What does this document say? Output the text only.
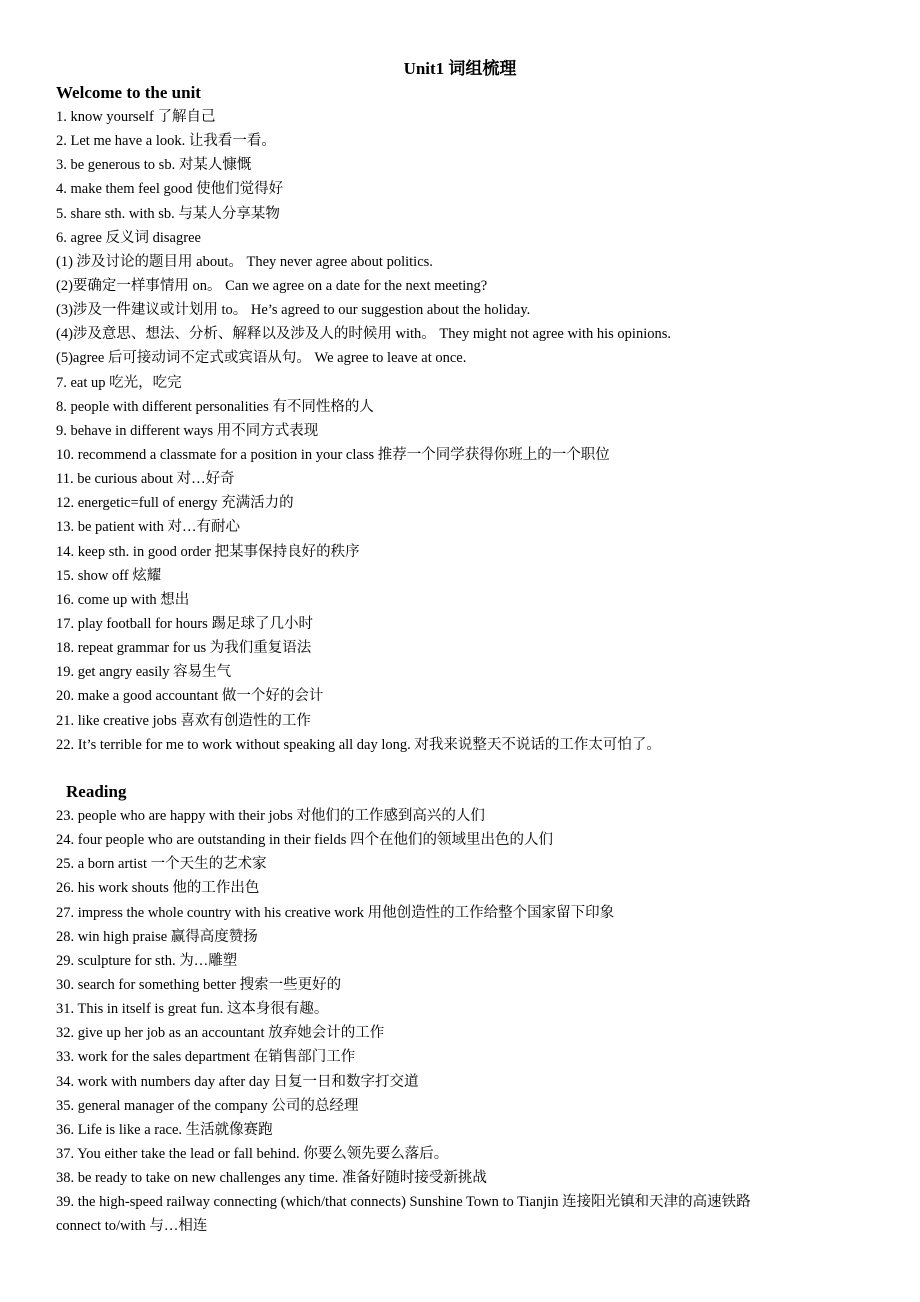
Unit1 词组梳理
Welcome to the unit
1. know yourself 了解自己
2. Let me have a look. 让我看一看。
3. be generous to sb. 对某人慷慨
4. make them feel good 使他们觉得好
5. share sth. with sb. 与某人分享某物
6. agree 反义词 disagree
(1) 涉及讨论的题目用 about。 They never agree about politics.
(2)要确定一样事情用 on。 Can we agree on a date for the next meeting?
(3)涉及一件建议或计划用 to。 He’s agreed to our suggestion about the holiday.
(4)涉及意思、想法、分析、解释以及涉及人的时候用 with。 They might not agree with his opinions.
(5)agree 后可接动词不定式或宾语从句。 We agree to leave at once.
7. eat up 吃光，吃完
8. people with different personalities 有不同性格的人
9. behave in different ways 用不同方式表现
10. recommend a classmate for a position in your class 推荐一个同学获得你班上的一个职位
11. be curious about 对…好奇
12. energetic=full of energy 充满活力的
13. be patient with 对…有耐心
14. keep sth. in good order 把某事保持良好的秩序
15. show off 炫耀
16. come up with 想出
17. play football for hours 踢足球了几小时
18. repeat grammar for us 为我们重复语法
19. get angry easily 容易生气
20. make a good accountant 做一个好的会计
21. like creative jobs 喜欢有创造性的工作
22. It’s terrible for me to work without speaking all day long. 对我来说整天不说话的工作太可怕了。
Reading
23. people who are happy with their jobs 对他们的工作感到高兴的人们
24. four people who are outstanding in their fields 四个在他们的领域里出色的人们
25. a born artist 一个天生的艺术家
26. his work shouts 他的工作出色
27. impress the whole country with his creative work 用他创造性的工作给整个国家留下印象
28. win high praise 赢得高度赞扬
29. sculpture for sth. 为…雕塑
30. search for something better 搜索一些更好的
31. This in itself is great fun. 这本身很有趣。
32. give up her job as an accountant 放弃她会计的工作
33. work for the sales department 在销售部门工作
34. work with numbers day after day 日复一日和数字打交道
35. general manager of the company 公司的总经理
36. Life is like a race. 生活就像赛跑
37. You either take the lead or fall behind. 你要么领先要么落后。
38. be ready to take on new challenges any time. 准备好随时接受新挑战
39. the high-speed railway connecting (which/that connects) Sunshine Town to Tianjin 连接阳光镇和天津的高速铁路
connect to/with 与…相连
